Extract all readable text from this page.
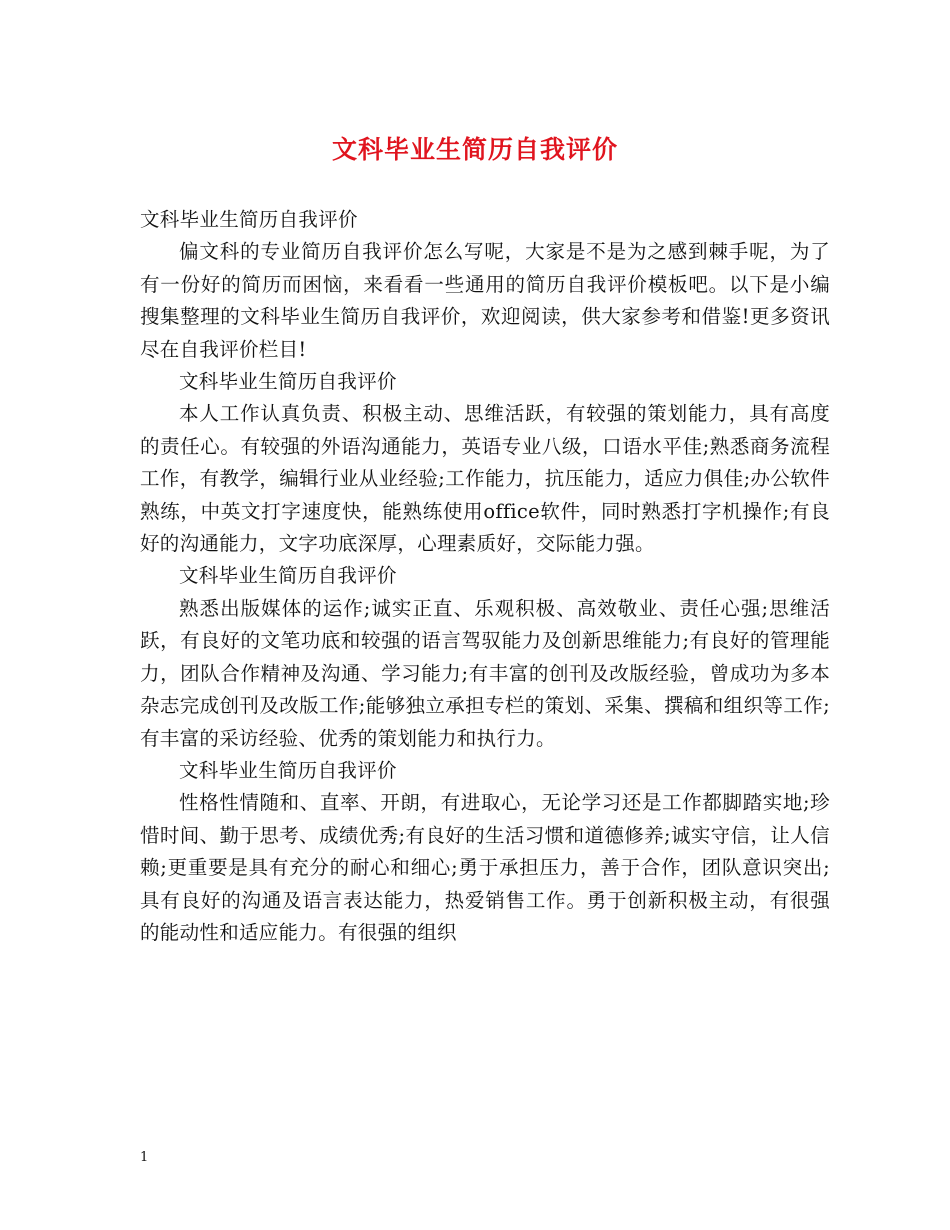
文科毕业生简历自我评价

文科毕业生简历自我评价

偏文科的专业简历自我评价怎么写呢，大家是不是为之感到棘手呢，为了有一份好的简历而困恼，来看看一些通用的简历自我评价模板吧。以下是小编搜集整理的文科毕业生简历自我评价，欢迎阅读，供大家参考和借鉴!更多资讯尽在自我评价栏目!

文科毕业生简历自我评价

本人工作认真负责、积极主动、思维活跃，有较强的策划能力，具有高度的责任心。有较强的外语沟通能力，英语专业八级，口语水平佳;熟悉商务流程工作，有教学，编辑行业从业经验;工作能力，抗压能力，适应力俱佳;办公软件熟练，中英文打字速度快，能熟练使用office软件，同时熟悉打字机操作;有良好的沟通能力，文字功底深厚，心理素质好，交际能力强。

文科毕业生简历自我评价

熟悉出版媒体的运作;诚实正直、乐观积极、高效敬业、责任心强;思维活跃，有良好的文笔功底和较强的语言驾驭能力及创新思维能力;有良好的管理能力，团队合作精神及沟通、学习能力;有丰富的创刊及改版经验，曾成功为多本杂志完成创刊及改版工作;能够独立承担专栏的策划、采集、撰稿和组织等工作;有丰富的采访经验、优秀的策划能力和执行力。

文科毕业生简历自我评价

性格性情随和、直率、开朗，有进取心，无论学习还是工作都脚踏实地;珍惜时间、勤于思考、成绩优秀;有良好的生活习惯和道德修养;诚实守信，让人信赖;更重要是具有充分的耐心和细心;勇于承担压力，善于合作，团队意识突出;具有良好的沟通及语言表达能力，热爱销售工作。勇于创新积极主动，有很强的能动性和适应能力。有很强的组织

1
